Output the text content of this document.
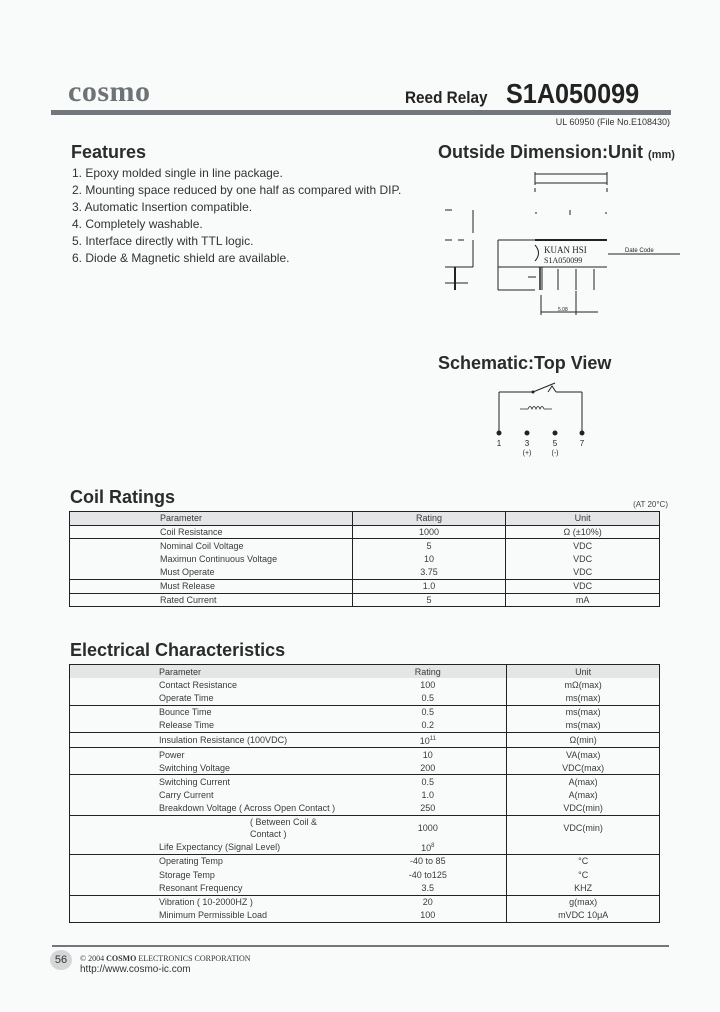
cosmo	Reed Relay S1A050099
UL 60950 (File No.E108430)
Features
1. Epoxy molded single in line package.
2. Mounting space reduced by one half as compared with DIP.
3. Automatic Insertion compatible.
4. Completely washable.
5. Interface directly with TTL logic.
6. Diode & Magnetic shield are available.
Outside Dimension:Unit (mm)
KUAN HSI
S1A050099
Date Code
5.08
Schematic:Top View
1	3	5	7
(+)	(-)
Coil Ratings	(AT 20°C)
Parameter	Rating	Unit
Coil Resistance	1000	Ω (±10%)
Nominal Coil Voltage	5	VDC
Maximun Continuous Voltage	10	VDC
Must Operate	3.75	VDC
Must Release	1.0	VDC
Rated Current	5	mA
Electrical Characteristics
Parameter	Rating	Unit
Contact Resistance	100	mΩ(max)
Operate Time	0.5	ms(max)
Bounce Time	0.5	ms(max)
Release Time	0.2	ms(max)
Insulation Resistance (100VDC)	$10^{11}$	Ω(min)
Power	10	VA(max)
Switching Voltage	200	VDC(max)
Switching Current	0.5	A(max)
Carry Current	1.0	A(max)
Breakdown Voltage ( Across Open Contact )	250	VDC(min)
( Between Coil & Contact )	1000	VDC(min)
Life Expectancy (Signal Level)	$10^8$	
Operating Temp	-40 to 85	°C
Storage Temp	-40 to125	°C
Resonant Frequency	3.5	KHZ
Vibration ( 10-2000HZ )	20	g(max)
Minimum Permissible Load	100	mVDC 10μA
56	© 2004 COSMO ELECTRONICS CORPORATION
http://www.cosmo-ic.com
